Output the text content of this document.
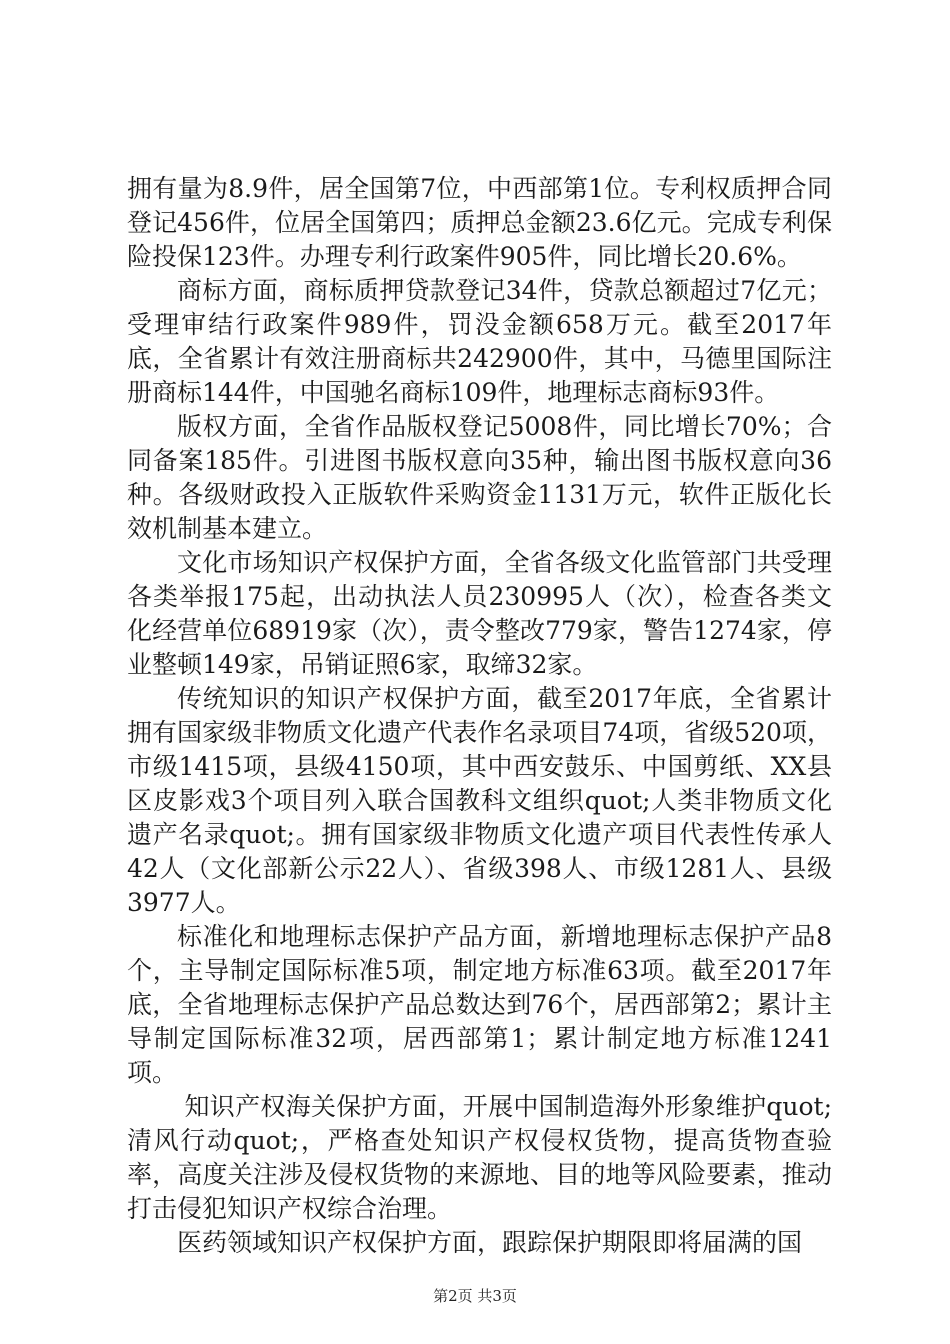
拥有量为8.9件，居全国第7位，中西部第1位。专利权质押合同登记456件，位居全国第四；质押总金额23.6亿元。完成专利保险投保123件。办理专利行政案件905件，同比增长20.6%。

商标方面，商标质押贷款登记34件，贷款总额超过7亿元；受理审结行政案件989件，罚没金额658万元。截至2017年底，全省累计有效注册商标共242900件，其中，马德里国际注册商标144件，中国驰名商标109件，地理标志商标93件。

版权方面，全省作品版权登记5008件，同比增长70%；合同备案185件。引进图书版权意向35种，输出图书版权意向36种。各级财政投入正版软件采购资金1131万元，软件正版化长效机制基本建立。

文化市场知识产权保护方面，全省各级文化监管部门共受理各类举报175起，出动执法人员230995人（次），检查各类文化经营单位68919家（次），责令整改779家，警告1274家，停业整顿149家，吊销证照6家，取缔32家。

传统知识的知识产权保护方面，截至2017年底，全省累计拥有国家级非物质文化遗产代表作名录项目74项，省级520项，市级1415项，县级4150项，其中西安鼓乐、中国剪纸、XX县区皮影戏3个项目列入联合国教科文组织quot;人类非物质文化遗产名录quot;。拥有国家级非物质文化遗产项目代表性传承人42人（文化部新公示22人）、省级398人、市级1281人、县级3977人。

标准化和地理标志保护产品方面，新增地理标志保护产品8个，主导制定国际标准5项，制定地方标准63项。截至2017年底，全省地理标志保护产品总数达到76个，居西部第2；累计主导制定国际标准32项，居西部第1；累计制定地方标准1241项。

知识产权海关保护方面，开展中国制造海外形象维护quot;清风行动quot;，严格查处知识产权侵权货物，提高货物查验率，高度关注涉及侵权货物的来源地、目的地等风险要素，推动打击侵犯知识产权综合治理。

医药领域知识产权保护方面，跟踪保护期限即将届满的国

第2页 共3页
